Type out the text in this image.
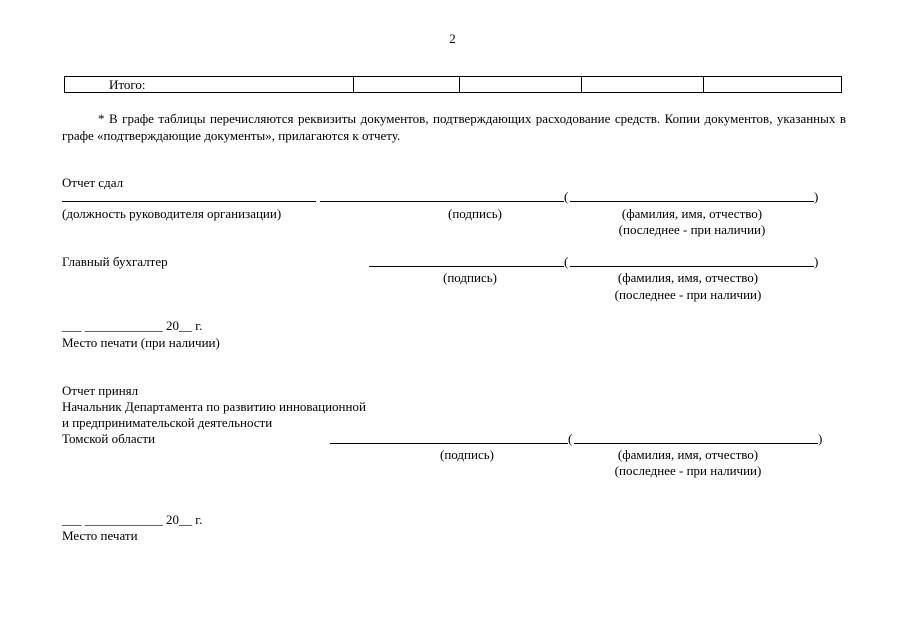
2
Итого:				
* В графе таблицы перечисляются реквизиты документов, подтверждающих расходование средств. Копии документов, указанных в графе «подтверждающие документы», прилагаются к отчету.
Отчет сдал
(	)
(должность руководителя организации)	(подпись)	(фамилия, имя, отчество)
(последнее - при наличии)
Главный бухгалтер	(	)
(подпись)	(фамилия, имя, отчество)
(последнее - при наличии)
___ ____________ 20__ г.
Место печати (при наличии)
Отчет принял
Начальник Департамента по развитию инновационной
и предпринимательской деятельности
Томской области	(	)
(подпись)	(фамилия, имя, отчество)
(последнее - при наличии)
___ ____________ 20__ г.
Место печати
